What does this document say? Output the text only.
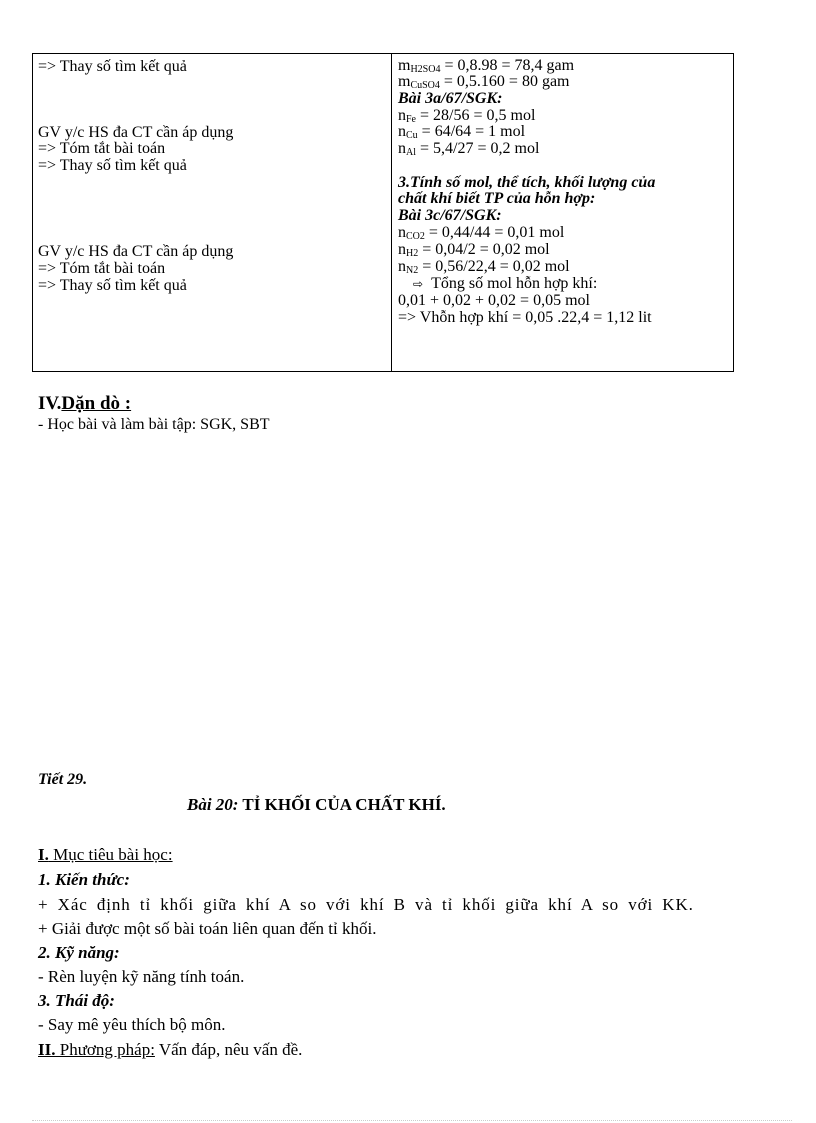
=> Thay số tìm kết quả
GV y/c HS đa CT cần áp dụng
=> Tóm tắt bài toán
=> Thay số tìm kết quả
GV y/c HS đa CT cần áp dụng
=> Tóm tắt bài toán
=> Thay số tìm kết quả
$m_{H2SO4} = 0,8.98 = 78,4$ gam
$m_{CuSO4} = 0,5.160 = 80$ gam
Bài 3a/67/SGK:
$n_{Fe} = 28/56 = 0,5$ mol
$n_{Cu} = 64/64 = 1$ mol
$n_{Al} = 5,4/27 = 0,2$ mol
3.Tính số mol, thể tích, khối lượng của
chất khí biết TP của hỗn hợp:
Bài 3c/67/SGK:
$n_{CO2} = 0,44/44 = 0,01$ mol
$n_{H2} = 0,04/2 = 0,02$ mol
$n_{N2} = 0,56/22,4 = 0,02$ mol
⇨ Tổng số mol hỗn hợp khí:
0,01 + 0,02 + 0,02 = 0,05 mol
=> Vhỗn hợp khí = 0,05 .22,4 = 1,12 lit
IV.Dặn dò :
- Học bài và làm bài tập: SGK, SBT
Tiết 29.
Bài 20: TỈ KHỐI CỦA CHẤT KHÍ.
I. Mục tiêu bài học:
1. Kiến thức:
+ Xác định tỉ khối giữa khí A so với khí B và tỉ khối giữa khí A so với KK.
+ Giải được một số bài toán liên quan đến tỉ khối.
2. Kỹ năng:
- Rèn luyện kỹ năng tính toán.
3. Thái độ:
- Say mê yêu thích bộ môn.
II. Phương pháp: Vấn đáp, nêu vấn đề.
